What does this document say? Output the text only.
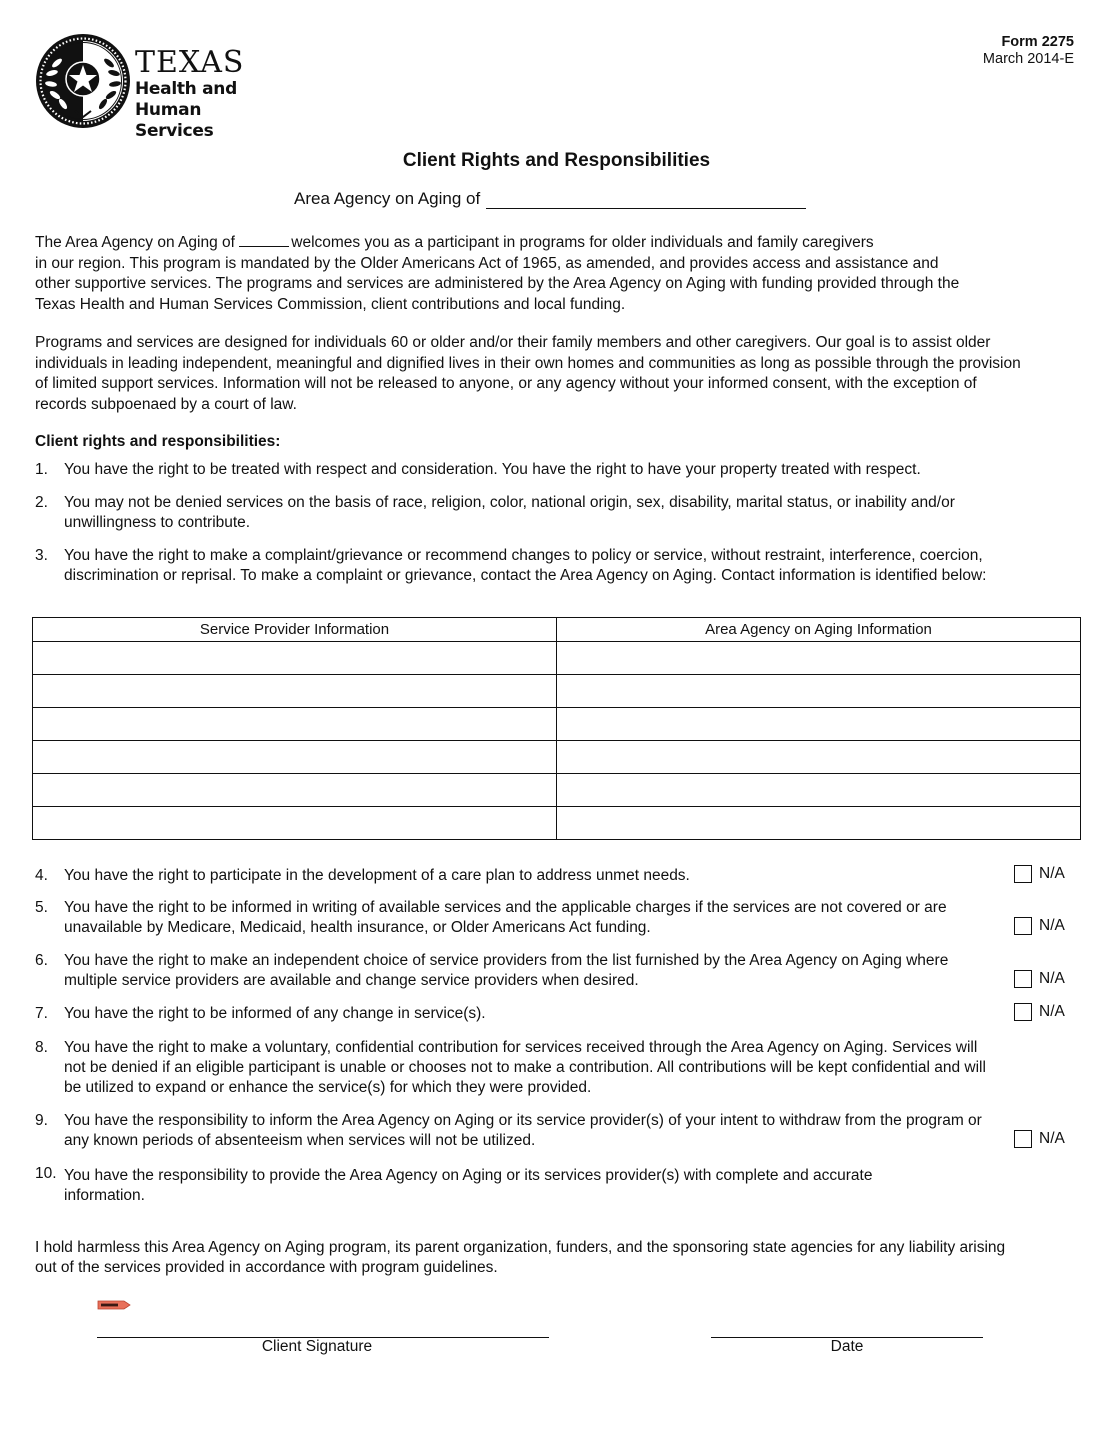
TEXAS
Health and Human
Services
Form 2275
March 2014-E
Client Rights and Responsibilities
Area Agency on Aging of

The Area Agency on Aging of	welcomes you as a participant in programs for older individuals and family caregivers
in our region. This program is mandated by the Older Americans Act of 1965, as amended, and provides access and assistance and
other supportive services. The programs and services are administered by the Area Agency on Aging with funding provided through the
Texas Health and Human Services Commission, client contributions and local funding.

Programs and services are designed for individuals 60 or older and/or their family members and other caregivers. Our goal is to assist older
individuals in leading independent, meaningful and dignified lives in their own homes and communities as long as possible through the provision
of limited support services. Information will not be released to anyone, or any agency without your informed consent, with the exception of
records subpoenaed by a court of law.

Client rights and responsibilities:
1.	You have the right to be treated with respect and consideration. You have the right to have your property treated with respect.
2.	You may not be denied services on the basis of race, religion, color, national origin, sex, disability, marital status, or inability and/or unwillingness to contribute.
3.	You have the right to make a complaint/grievance or recommend changes to policy or service, without restraint, interference, coercion, discrimination or reprisal. To make a complaint or grievance, contact the Area Agency on Aging. Contact information is identified below:
Service Provider Information	Area Agency on Aging Information

4.	You have the right to participate in the development of a care plan to address unmet needs.	N/A
5.	You have the right to be informed in writing of available services and the applicable charges if the services are not covered or are unavailable by Medicare, Medicaid, health insurance, or Older Americans Act funding.	N/A
6.	You have the right to make an independent choice of service providers from the list furnished by the Area Agency on Aging where multiple service providers are available and change service providers when desired.	N/A
7.	You have the right to be informed of any change in service(s).	N/A
8.	You have the right to make a voluntary, confidential contribution for services received through the Area Agency on Aging. Services will not be denied if an eligible participant is unable or chooses not to make a contribution. All contributions will be kept confidential and will be utilized to expand or enhance the service(s) for which they were provided.
9.	You have the responsibility to inform the Area Agency on Aging or its service provider(s) of your intent to withdraw from the program or any known periods of absenteeism when services will not be utilized.	N/A
10. You have the responsibility to provide the Area Agency on Aging or its services provider(s) with complete and accurate information.

I hold harmless this Area Agency on Aging program, its parent organization, funders, and the sponsoring state agencies for any liability arising
out of the services provided in accordance with program guidelines.

Client Signature	Date
